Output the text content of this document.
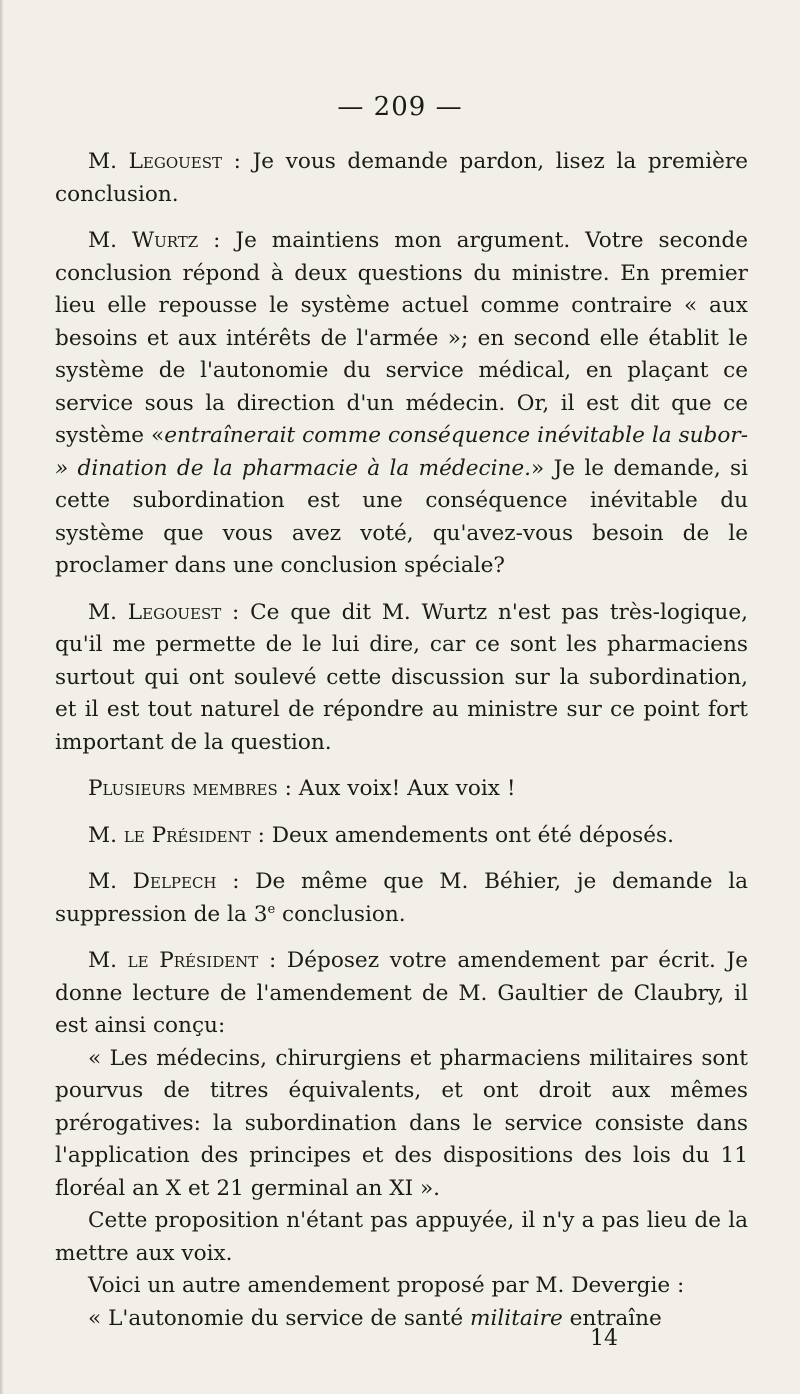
— 209 —

M. Legouest : Je vous demande pardon, lisez la première conclusion.

M. Wurtz : Je maintiens mon argument. Votre seconde conclusion répond à deux questions du ministre. En premier lieu elle repousse le système actuel comme contraire « aux besoins et aux intérêts de l'armée »; en second elle établit le système de l'autonomie du service médical, en plaçant ce service sous la direction d'un médecin. Or, il est dit que ce système «entraînerait comme conséquence inévitable la subor- » dination de la pharmacie à la médecine.» Je le demande, si cette subordination est une conséquence inévitable du système que vous avez voté, qu'avez-vous besoin de le proclamer dans une conclusion spéciale?

M. Legouest : Ce que dit M. Wurtz n'est pas très-logique, qu'il me permette de le lui dire, car ce sont les pharmaciens surtout qui ont soulevé cette discussion sur la subordination, et il est tout naturel de répondre au ministre sur ce point fort important de la question.

Plusieurs membres : Aux voix! Aux voix !

M. le Président : Deux amendements ont été déposés.

M. Delpech : De même que M. Béhier, je demande la suppression de la 3e conclusion.

M. le Président : Déposez votre amendement par écrit. Je donne lecture de l'amendement de M. Gaultier de Claubry, il est ainsi conçu:

« Les médecins, chirurgiens et pharmaciens militaires sont pourvus de titres équivalents, et ont droit aux mêmes prérogatives: la subordination dans le service consiste dans l'application des principes et des dispositions des lois du 11 floréal an X et 21 germinal an XI ».

Cette proposition n'étant pas appuyée, il n'y a pas lieu de la mettre aux voix.

Voici un autre amendement proposé par M. Devergie :

« L'autonomie du service de santé militaire entraîne

14
